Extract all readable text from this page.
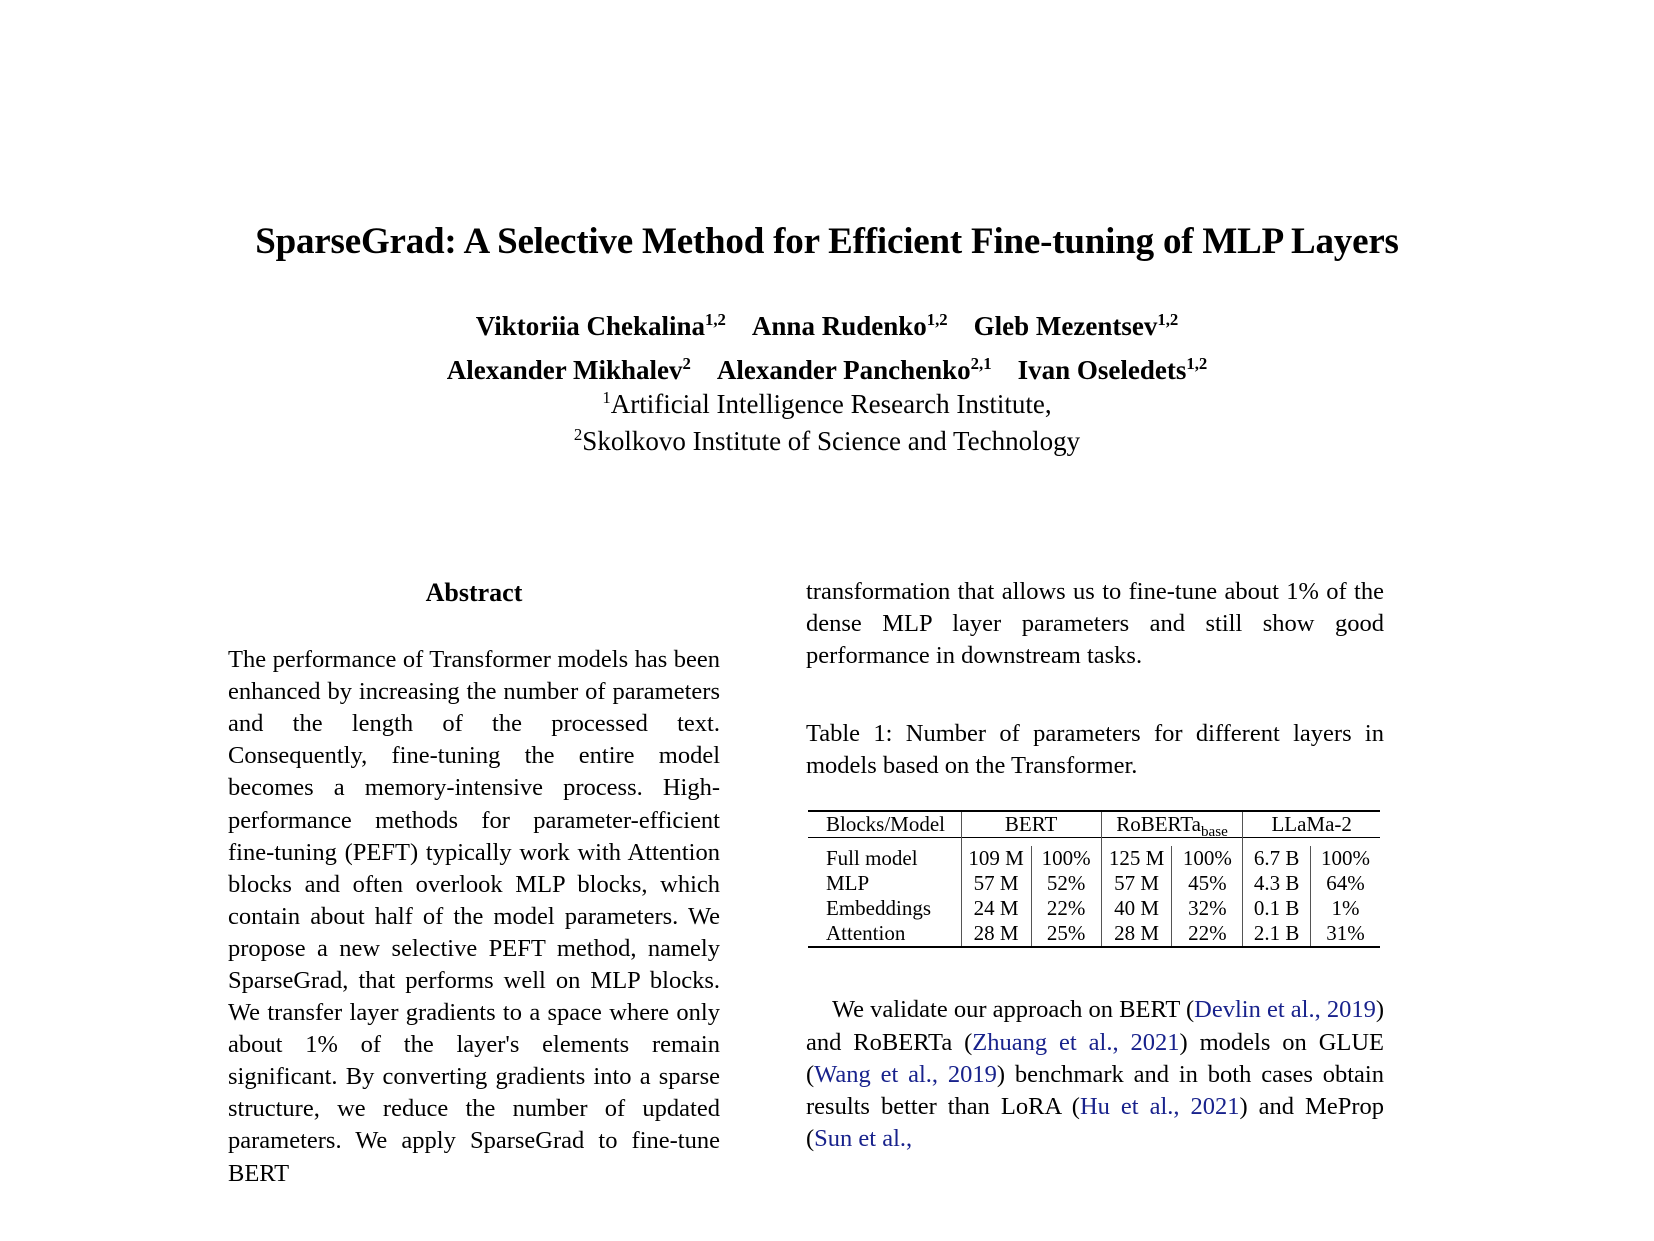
SparseGrad: A Selective Method for Efficient Fine-tuning of MLP Layers
Viktoriia Chekalina$^{1,2}$ Anna Rudenko$^{1,2}$ Gleb Mezentsev$^{1,2}$
Alexander Mikhalev$^2$ Alexander Panchenko$^{2,1}$ Ivan Oseledets$^{1,2}$
$^1$Artificial Intelligence Research Institute,
$^2$Skolkovo Institute of Science and Technology
Abstract

The performance of Transformer models has been enhanced by increasing the number of parameters and the length of the processed text. Consequently, fine-tuning the entire model becomes a memory-intensive process. High-performance methods for parameter-efficient fine-tuning (PEFT) typically work with Attention blocks and often overlook MLP blocks, which contain about half of the model parameters. We propose a new selective PEFT method, namely SparseGrad, that performs well on MLP blocks. We transfer layer gradients to a space where only about 1% of the layer's elements remain significant. By converting gradients into a sparse structure, we reduce the number of updated parameters. We apply SparseGrad to fine-tune BERT

transformation that allows us to fine-tune about 1% of the dense MLP layer parameters and still show good performance in downstream tasks.

Table 1: Number of parameters for different layers in models based on the Transformer.

Blocks/Model	BERT		RoBERTa$_{base}$		LLaMa-2	

Full model	109 M	100%	125 M	100%	6.7 B	100%
MLP	57 M	52%	57 M	45%	4.3 B	64%
Embeddings	24 M	22%	40 M	32%	0.1 B	1%
Attention	28 M	25%	28 M	22%	2.1 B	31%

We validate our approach on BERT (Devlin et al., 2019) and RoBERTa (Zhuang et al., 2021) models on GLUE (Wang et al., 2019) benchmark and in both cases obtain results better than LoRA (Hu et al., 2021) and MeProp (Sun et al.,
